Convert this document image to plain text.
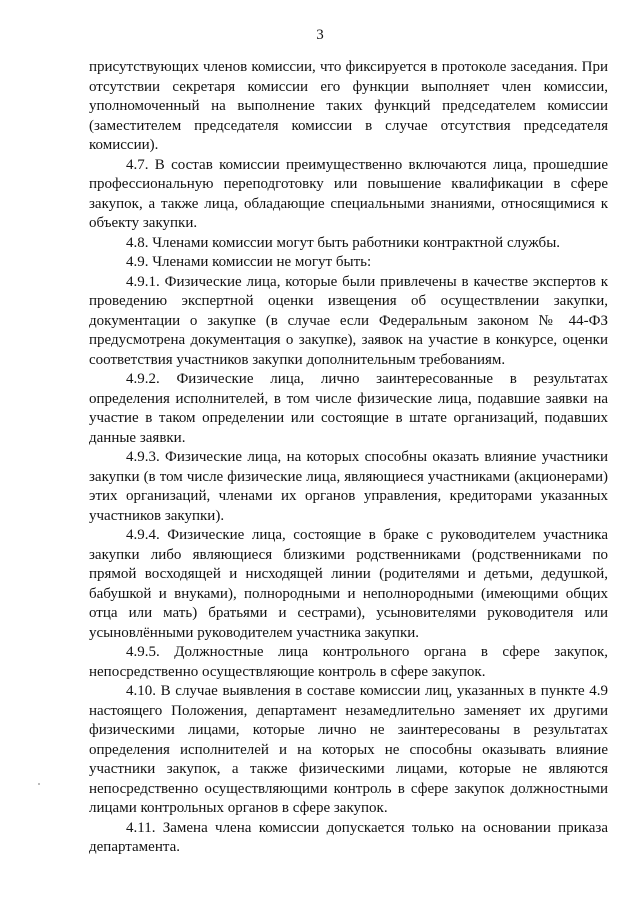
3

присутствующих членов комиссии, что фиксируется в протоколе заседания. При отсутствии секретаря комиссии его функции выполняет член комиссии, уполномоченный на выполнение таких функций председателем комиссии (заместителем председателя комиссии в случае отсутствия председателя комиссии).

4.7. В состав комиссии преимущественно включаются лица, прошедшие профессиональную переподготовку или повышение квалификации в сфере закупок, а также лица, обладающие специальными знаниями, относящимися к объекту закупки.

4.8. Членами комиссии могут быть работники контрактной службы.

4.9. Членами комиссии не могут быть:

4.9.1. Физические лица, которые были привлечены в качестве экспертов к проведению экспертной оценки извещения об осуществлении закупки, документации о закупке (в случае если Федеральным законом № 44-ФЗ предусмотрена документация о закупке), заявок на участие в конкурсе, оценки соответствия участников закупки дополнительным требованиям.

4.9.2. Физические лица, лично заинтересованные в результатах определения исполнителей, в том числе физические лица, подавшие заявки на участие в таком определении или состоящие в штате организаций, подавших данные заявки.

4.9.3. Физические лица, на которых способны оказать влияние участники закупки (в том числе физические лица, являющиеся участниками (акционерами) этих организаций, членами их органов управления, кредиторами указанных участников закупки).

4.9.4. Физические лица, состоящие в браке с руководителем участника закупки либо являющиеся близкими родственниками (родственниками по прямой восходящей и нисходящей линии (родителями и детьми, дедушкой, бабушкой и внуками), полнородными и неполнородными (имеющими общих отца или мать) братьями и сестрами), усыновителями руководителя или усыновлёнными руководителем участника закупки.

4.9.5. Должностные лица контрольного органа в сфере закупок, непосредственно осуществляющие контроль в сфере закупок.

4.10. В случае выявления в составе комиссии лиц, указанных в пункте 4.9 настоящего Положения, департамент незамедлительно заменяет их другими физическими лицами, которые лично не заинтересованы в результатах определения исполнителей и на которых не способны оказывать влияние участники закупок, а также физическими лицами, которые не являются непосредственно осуществляющими контроль в сфере закупок должностными лицами контрольных органов в сфере закупок.

4.11. Замена члена комиссии допускается только на основании приказа департамента.
